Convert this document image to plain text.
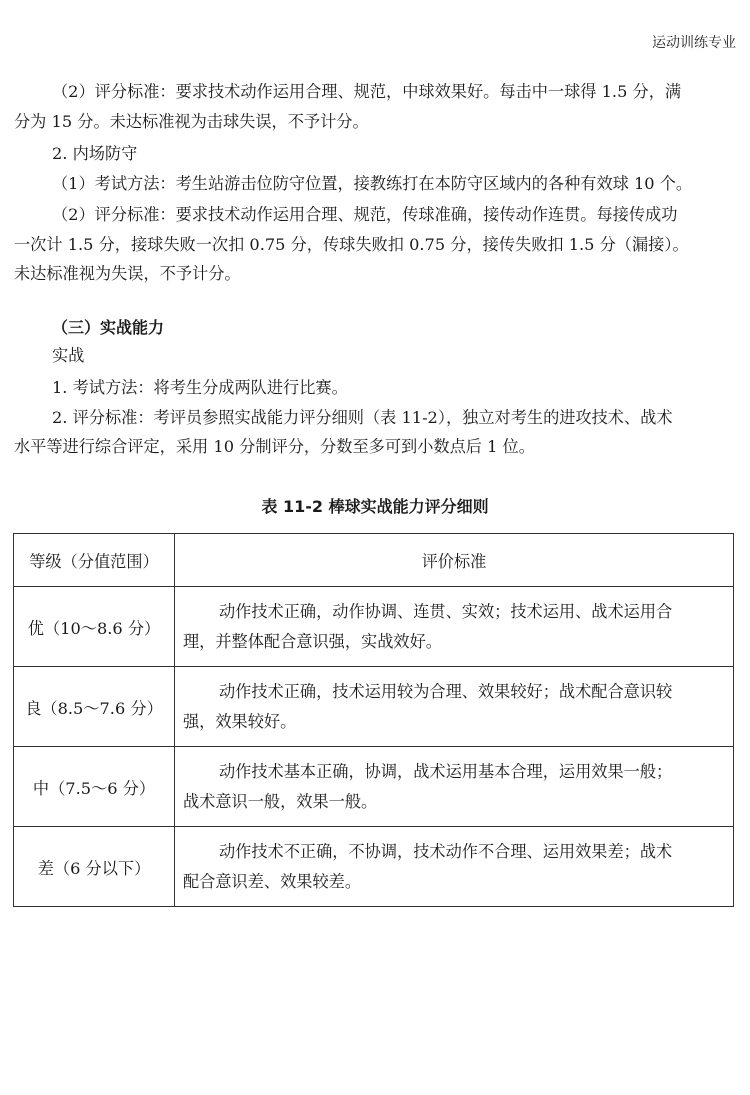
运动训练专业
（2）评分标准：要求技术动作运用合理、规范，中球效果好。每击中一球得 1.5 分，满
分为 15 分。未达标准视为击球失误，不予计分。
2. 内场防守
（1）考试方法：考生站游击位防守位置，接教练打在本防守区域内的各种有效球 10 个。
（2）评分标准：要求技术动作运用合理、规范，传球准确，接传动作连贯。每接传成功
一次计 1.5 分，接球失败一次扣 0.75 分，传球失败扣 0.75 分，接传失败扣 1.5 分（漏接）。
未达标准视为失误，不予计分。
（三）实战能力
实战
1. 考试方法：将考生分成两队进行比赛。
2. 评分标准：考评员参照实战能力评分细则（表 11-2），独立对考生的进攻技术、战术
水平等进行综合评定，采用 10 分制评分，分数至多可到小数点后 1 位。
表 11-2 棒球实战能力评分细则
等级（分值范围）	评价标准
优（10～8.6 分）	动作技术正确，动作协调、连贯、实效；技术运用、战术运用合
理，并整体配合意识强，实战效好。

良（8.5～7.6 分）	动作技术正确，技术运用较为合理、效果较好；战术配合意识较
强，效果较好。

中（7.5～6 分）	动作技术基本正确，协调，战术运用基本合理，运用效果一般；
战术意识一般，效果一般。

差（6 分以下）	动作技术不正确，不协调，技术动作不合理、运用效果差；战术
配合意识差、效果较差。
